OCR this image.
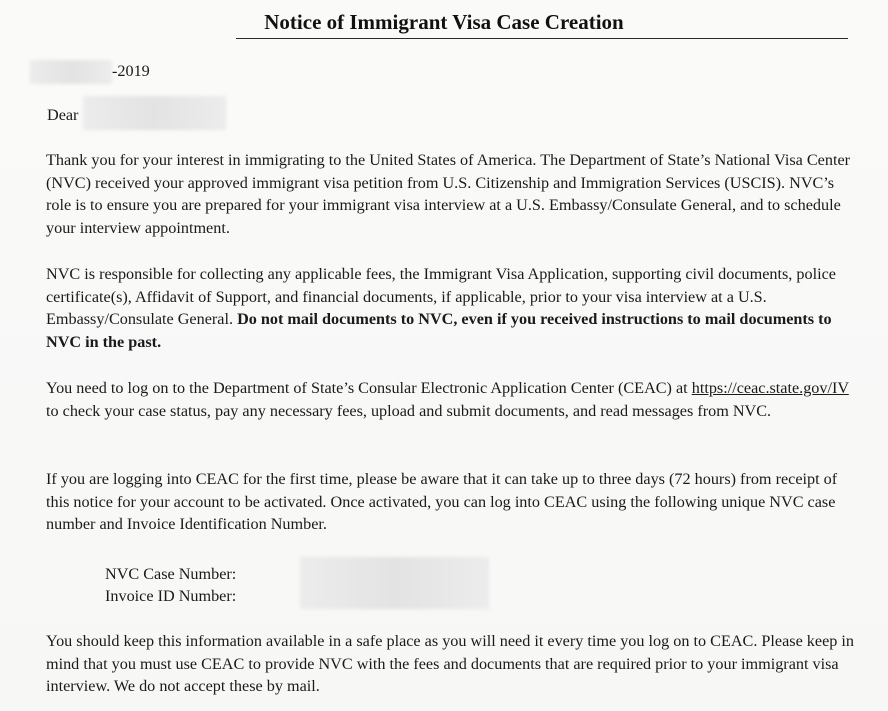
Notice of Immigrant Visa Case Creation
-2019
Dear

Thank you for your interest in immigrating to the United States of America. The Department of State’s National Visa Center (NVC) received your approved immigrant visa petition from U.S. Citizenship and Immigration Services (USCIS). NVC’s role is to ensure you are prepared for your immigrant visa interview at a U.S. Embassy/Consulate General, and to schedule your interview appointment.

NVC is responsible for collecting any applicable fees, the Immigrant Visa Application, supporting civil documents, police certificate(s), Affidavit of Support, and financial documents, if applicable, prior to your visa interview at a U.S. Embassy/Consulate General. Do not mail documents to NVC, even if you received instructions to mail documents to NVC in the past.

You need to log on to the Department of State’s Consular Electronic Application Center (CEAC) at https://ceac.state.gov/IV to check your case status, pay any necessary fees, upload and submit documents, and read messages from NVC.

If you are logging into CEAC for the first time, please be aware that it can take up to three days (72 hours) from receipt of this notice for your account to be activated. Once activated, you can log into CEAC using the following unique NVC case number and Invoice Identification Number.

NVC Case Number:
Invoice ID Number:

You should keep this information available in a safe place as you will need it every time you log on to CEAC. Please keep in mind that you must use CEAC to provide NVC with the fees and documents that are required prior to your immigrant visa interview. We do not accept these by mail.
